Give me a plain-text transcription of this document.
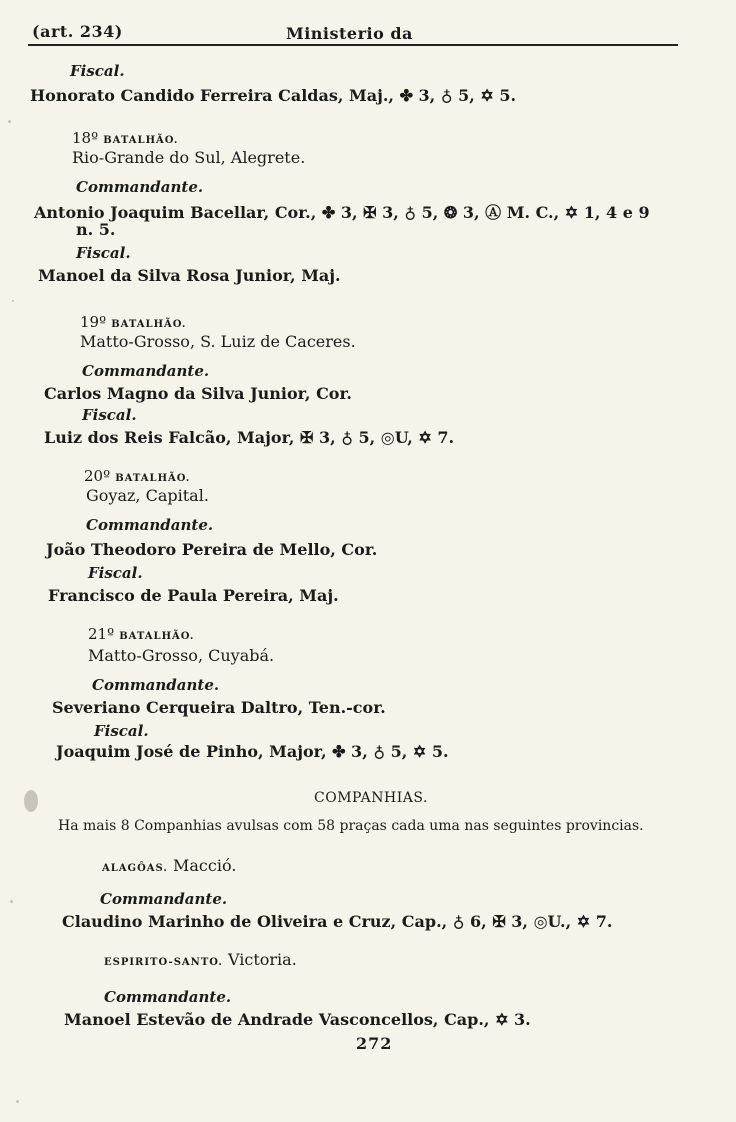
(art. 234)	Ministerio da
Fiscal.
Honorato Candido Ferreira Caldas, Maj., ✤ 3, ♁ 5, ✡ 5.
18º BATALHÃO.
Rio-Grande do Sul, Alegrete.
Commandante.
Antonio Joaquim Bacellar, Cor., ✤ 3, ✠ 3, ♁ 5, ❂ 3, Ⓐ M. C., ✡ 1, 4 e 9
n. 5.
Fiscal.
Manoel da Silva Rosa Junior, Maj.
19º BATALHÃO.
Matto-Grosso, S. Luiz de Caceres.
Commandante.
Carlos Magno da Silva Junior, Cor.
Fiscal.
Luiz dos Reis Falcão, Major, ✠ 3, ♁ 5, ◎U, ✡ 7.
20º BATALHÃO.
Goyaz, Capital.
Commandante.
João Theodoro Pereira de Mello, Cor.
Fiscal.
Francisco de Paula Pereira, Maj.
21º BATALHÃO.
Matto-Grosso, Cuyabá.
Commandante.
Severiano Cerqueira Daltro, Ten.-cor.
Fiscal.
Joaquim José de Pinho, Major, ✤ 3, ♁ 5, ✡ 5.
COMPANHIAS.
Ha mais 8 Companhias avulsas com 58 praças cada uma nas seguintes provincias.
ALAGÔAS. Macció.
Commandante.
Claudino Marinho de Oliveira e Cruz, Cap., ♁ 6, ✠ 3, ◎U., ✡ 7.
ESPIRITO-SANTO. Victoria.
Commandante.
Manoel Estevão de Andrade Vasconcellos, Cap., ✡ 3.
272
